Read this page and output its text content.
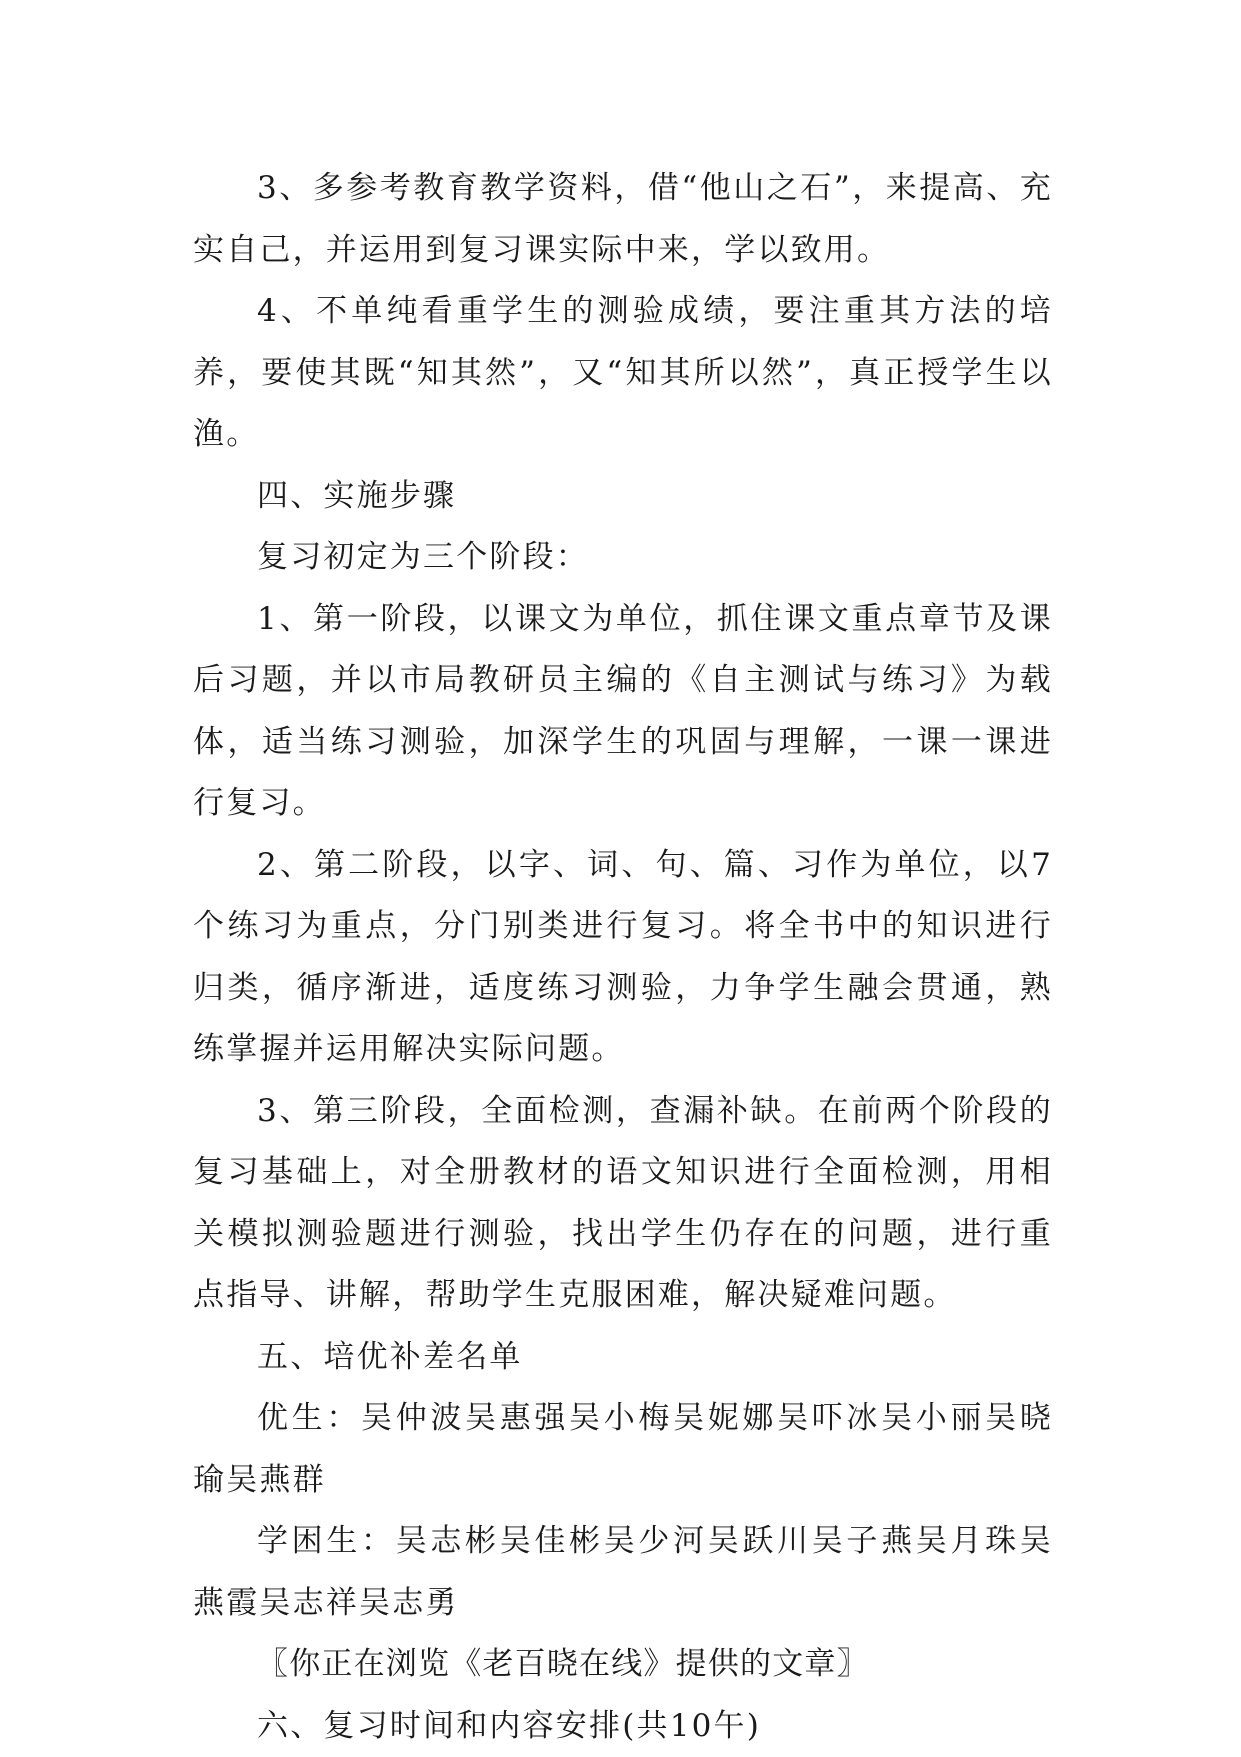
3、多参考教育教学资料，借“他山之石”，来提高、充实自己，并运用到复习课实际中来，学以致用。

4、不单纯看重学生的测验成绩，要注重其方法的培养，要使其既“知其然”，又“知其所以然”，真正授学生以渔。

四、实施步骤

复习初定为三个阶段：

1、第一阶段，以课文为单位，抓住课文重点章节及课后习题，并以市局教研员主编的《自主测试与练习》为载体，适当练习测验，加深学生的巩固与理解，一课一课进行复习。

2、第二阶段，以字、词、句、篇、习作为单位，以7个练习为重点，分门别类进行复习。将全书中的知识进行归类，循序渐进，适度练习测验，力争学生融会贯通，熟练掌握并运用解决实际问题。

3、第三阶段，全面检测，查漏补缺。在前两个阶段的复习基础上，对全册教材的语文知识进行全面检测，用相关模拟测验题进行测验，找出学生仍存在的问题，进行重点指导、讲解，帮助学生克服困难，解决疑难问题。

五、培优补差名单

优生：吴仲波吴惠强吴小梅吴妮娜吴吓冰吴小丽吴晓瑜吴燕群

学困生：吴志彬吴佳彬吴少河吴跃川吴子燕吴月珠吴燕霞吴志祥吴志勇

〖你正在浏览《老百晓在线》提供的文章〗

六、复习时间和内容安排(共10午)
